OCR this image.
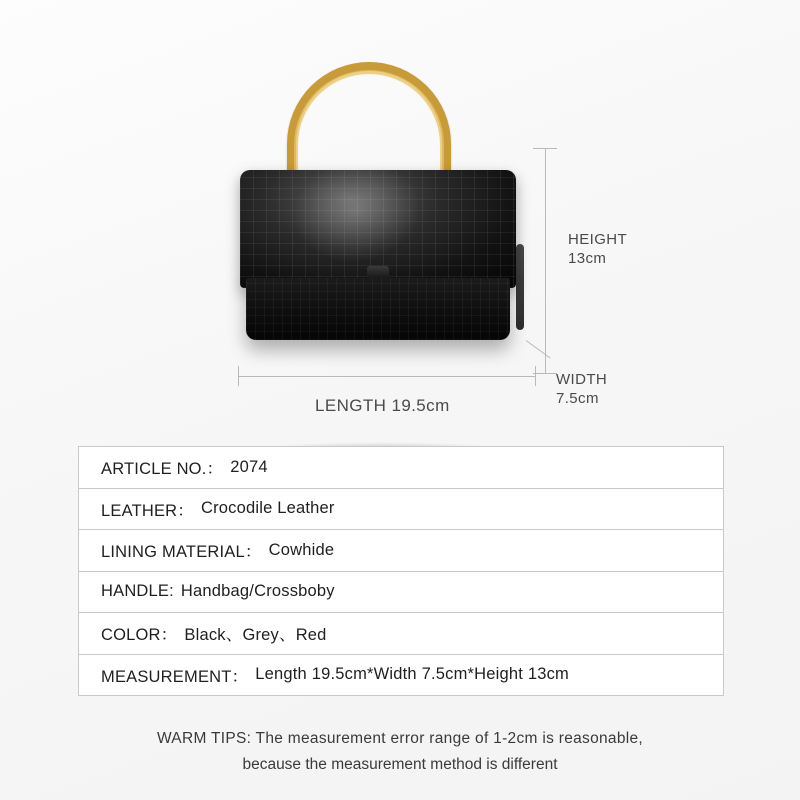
HEIGHT
13cm
WIDTH
7.5cm
LENGTH 19.5cm
ARTICLE NO.： 2074
LEATHER： Crocodile Leather
LINING MATERIAL： Cowhide
HANDLE: Handbag/Crossboby
COLOR： Black、Grey、Red
MEASUREMENT： Length 19.5cm*Width 7.5cm*Height 13cm
WARM TIPS: The measurement error range of 1-2cm is reasonable,
because the measurement method is different
